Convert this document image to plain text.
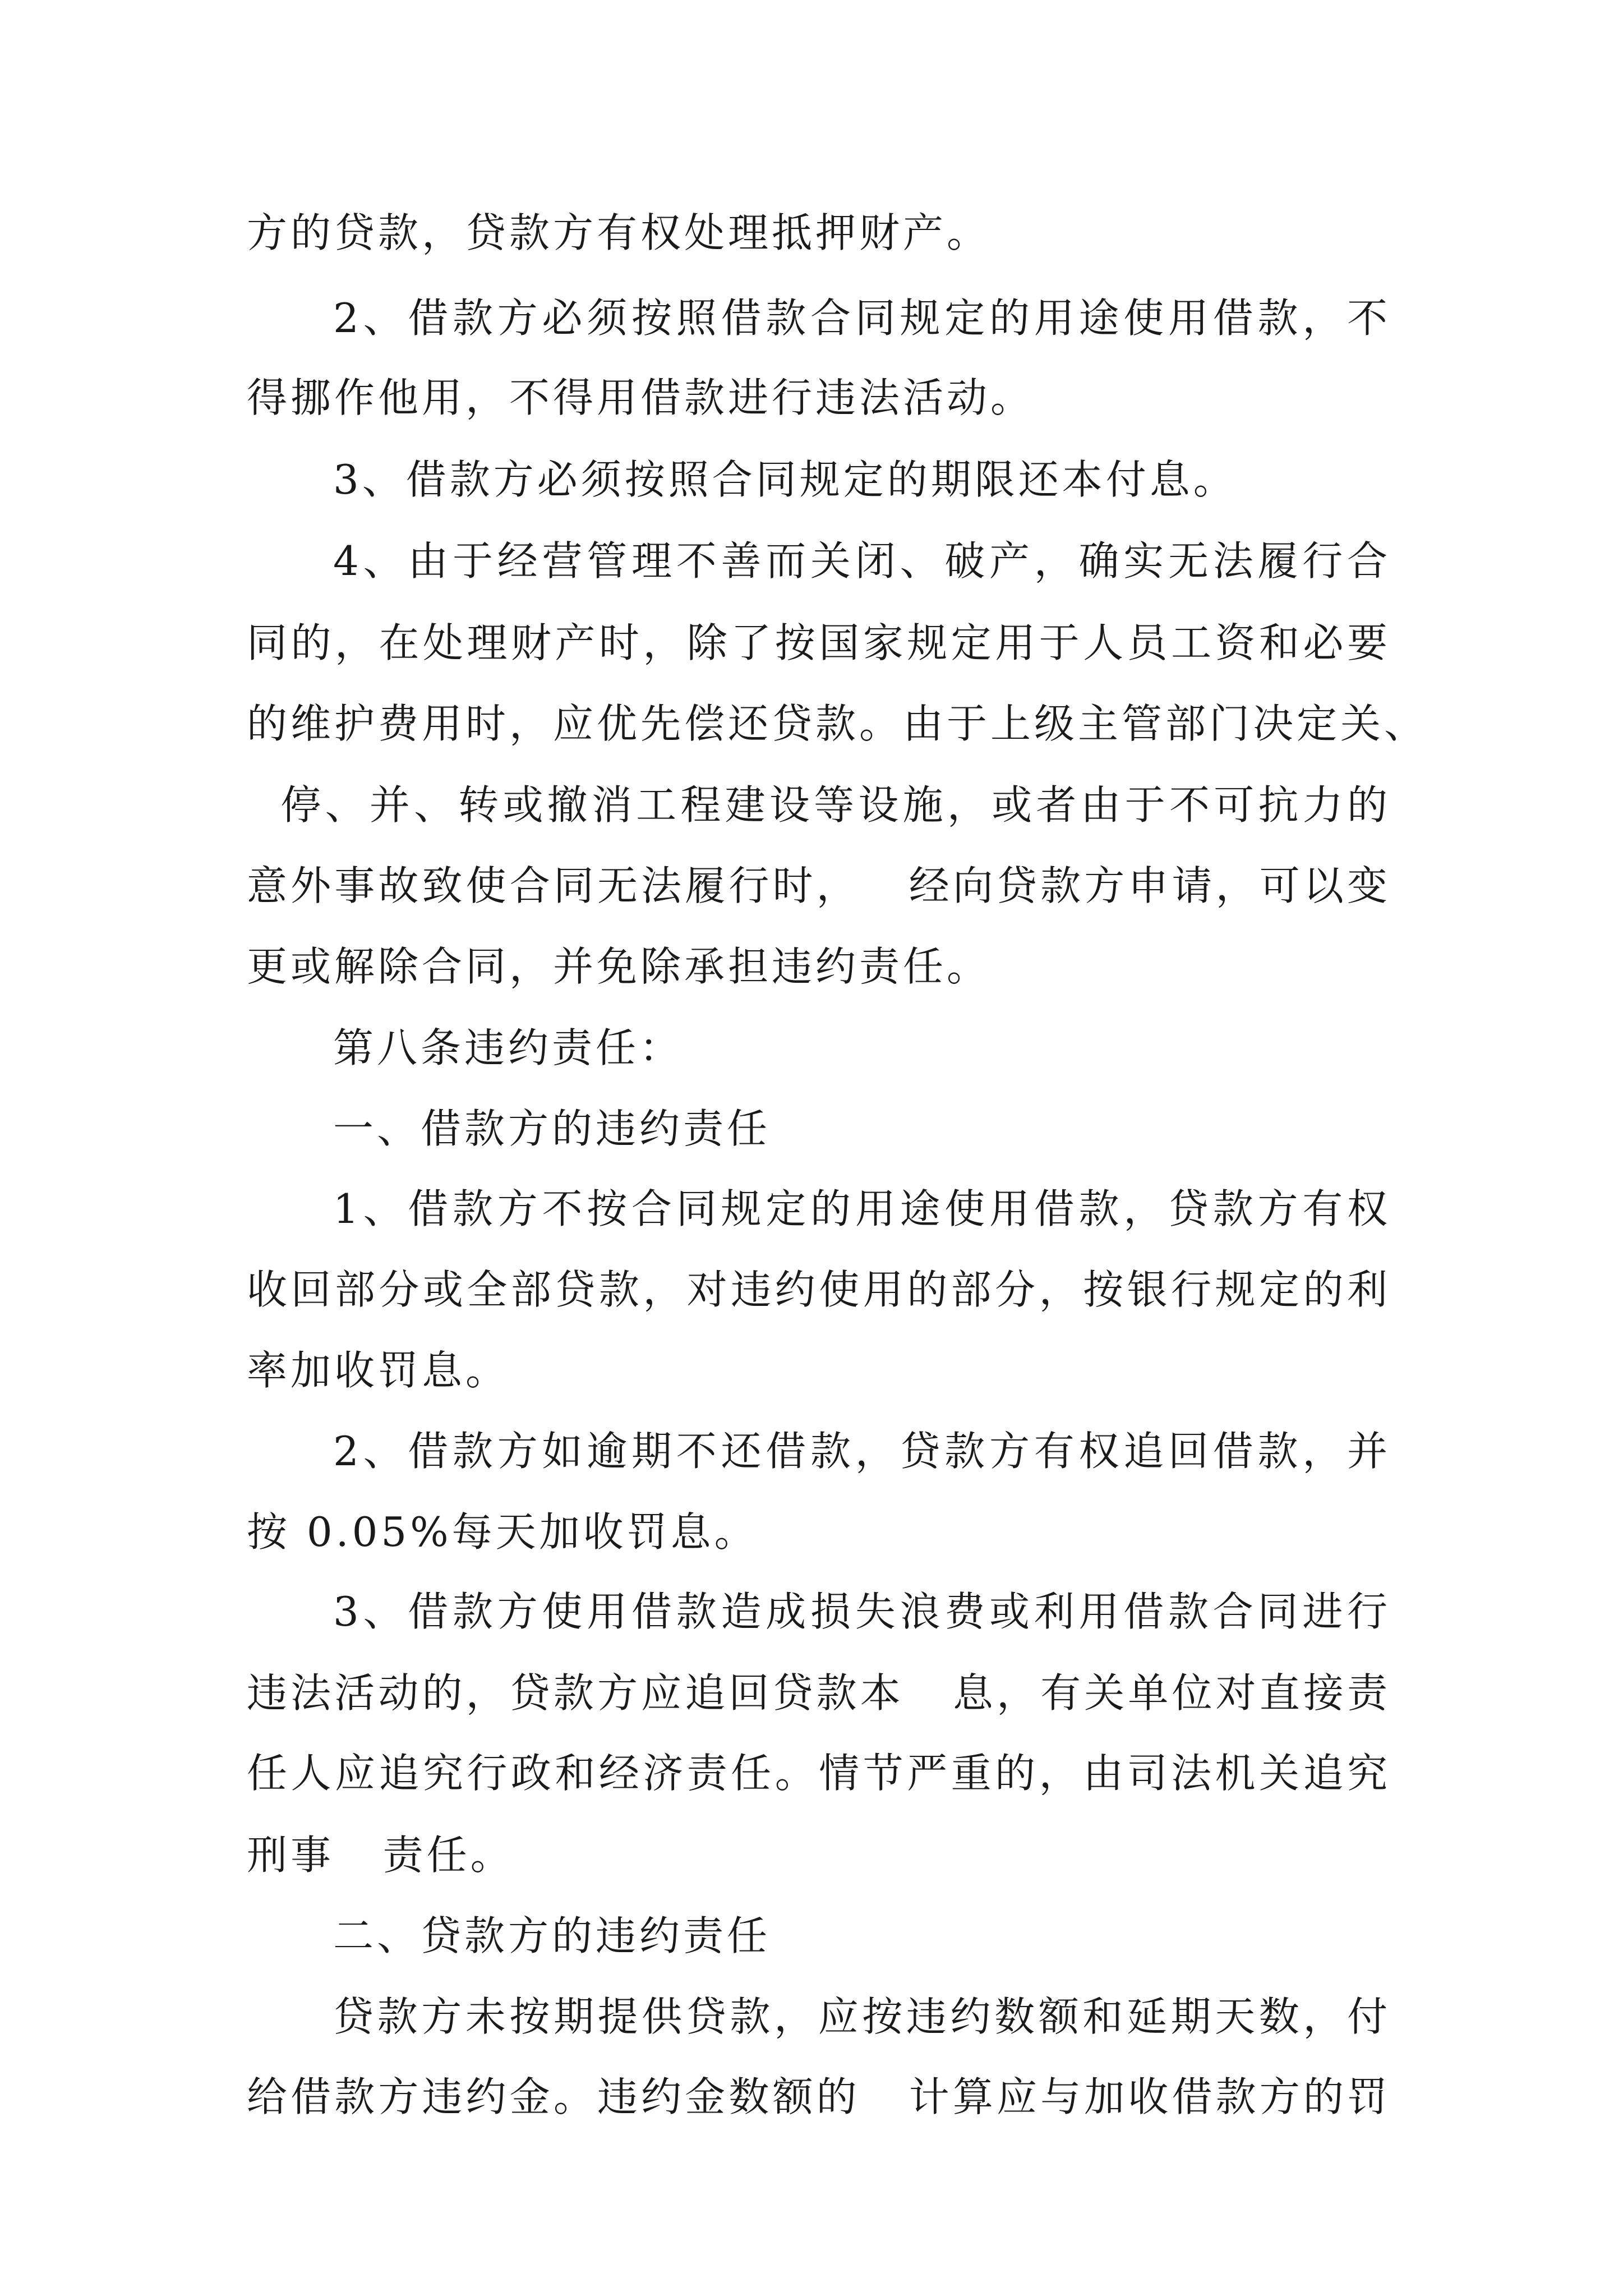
方的贷款，贷款方有权处理抵押财产。
2、借款方必须按照借款合同规定的用途使用借款，不
得挪作他用，不得用借款进行违法活动。
3、借款方必须按照合同规定的期限还本付息。
4、由于经营管理不善而关闭、破产，确实无法履行合
同的，在处理财产时，除了按国家规定用于人员工资和必要
的维护费用时，应优先偿还贷款。由于上级主管部门决定关、
停、并、转或撤消工程建设等设施，或者由于不可抗力的
意外事故致使合同无法履行时，   经向贷款方申请，可以变
更或解除合同，并免除承担违约责任。
第八条违约责任：
一、借款方的违约责任
1、借款方不按合同规定的用途使用借款，贷款方有权
收回部分或全部贷款，对违约使用的部分，按银行规定的利
率加收罚息。
2、借款方如逾期不还借款，贷款方有权追回借款，并
按 0.05%每天加收罚息。
3、借款方使用借款造成损失浪费或利用借款合同进行
违法活动的，贷款方应追回贷款本   息，有关单位对直接责
任人应追究行政和经济责任。情节严重的，由司法机关追究
刑事   责任。
二、贷款方的违约责任
贷款方未按期提供贷款，应按违约数额和延期天数，付
给借款方违约金。违约金数额的   计算应与加收借款方的罚
